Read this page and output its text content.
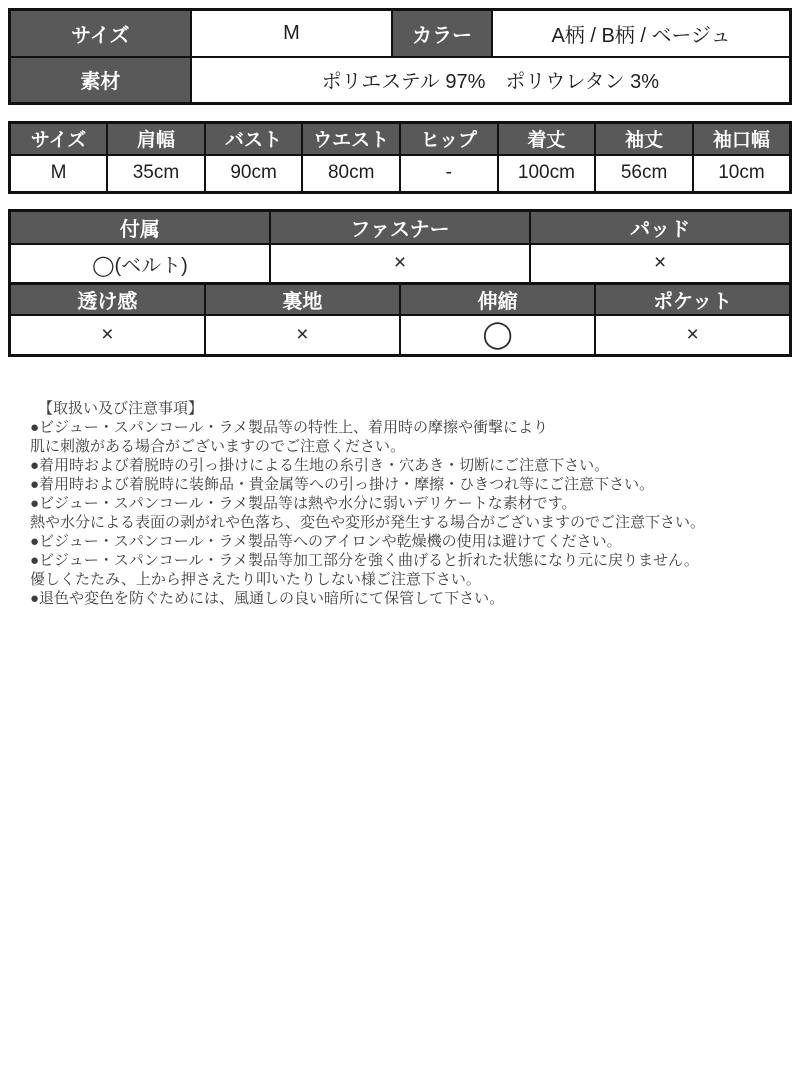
サイズ	M	カラー	A柄 / B柄 / ベージュ
素材	ポリエステル 97%　ポリウレタン 3%		
サイズ	肩幅	バスト	ウエスト	ヒップ	着丈	袖丈	袖口幅
M	35cm	90cm	80cm	-	100cm	56cm	10cm
付属	ファスナー	パッド
◯(ベルト)	×	×
透け感	裏地	伸縮	ポケット
×	×	◯	×
【取扱い及び注意事項】
●ビジュー・スパンコール・ラメ製品等の特性上、着用時の摩擦や衝撃により
肌に刺激がある場合がございますのでご注意ください。
●着用時および着脱時の引っ掛けによる生地の糸引き・穴あき・切断にご注意下さい。
●着用時および着脱時に装飾品・貴金属等への引っ掛け・摩擦・ひきつれ等にご注意下さい。
●ビジュー・スパンコール・ラメ製品等は熱や水分に弱いデリケートな素材です。
熱や水分による表面の剥がれや色落ち、変色や変形が発生する場合がございますのでご注意下さい。
●ビジュー・スパンコール・ラメ製品等へのアイロンや乾燥機の使用は避けてください。
●ビジュー・スパンコール・ラメ製品等加工部分を強く曲げると折れた状態になり元に戻りません。
優しくたたみ、上から押さえたり叩いたりしない様ご注意下さい。
●退色や変色を防ぐためには、風通しの良い暗所にて保管して下さい。
